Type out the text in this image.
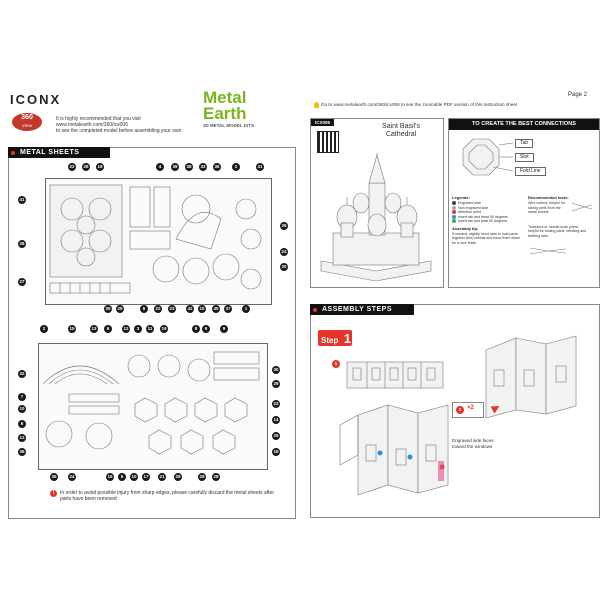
ICONX	Metal
Earth
3D METAL MODEL KITS
360
VIEW
It is highly recommended that you visit
www.metalearth.com/360/icx006
to see the completed model before assembling your own
METAL SHEETS
22	28	19	4	39	38	33	36	2	31
41
28
27
26
24
20
35	29	6	22	23	42	10	40	37	1
2	15	13	9	12	3	11	19	8	9	9
32
7
10
5
12
36
30
29
23
14
25
16
35	24	15	5	10	17	21	28	29	28
!	In order to avoid possible injury from sharp edges, please carefully discard the metal sheets after parts have been removed
Page 2
Go to www.metalearth.com/360/icx006 to see the zoomable PDF version of this instruction sheet
ICX006
Saint Basil's
Cathedral
TO CREATE THE BEST CONNECTIONS
Tab
Slot
Fold Line
Legends:
Engraved side
Non engraved side
Attention point
Insert tab and bend 90 degrees
Insert tab and twist 90 degrees
Assembly tip:
If needed, slightly bend tabs to hold parts together then untwist and bend them down for a nice finish
Recommended tools:
Wire cutters: helpful for taking parts from the metal sheets.
Tweezers or needle nose pliers: helpful for folding parts, bending and twisting tabs.
ASSEMBLY STEPS
Step 1
1
2 ×2
Engraved side faces
toward the windows
